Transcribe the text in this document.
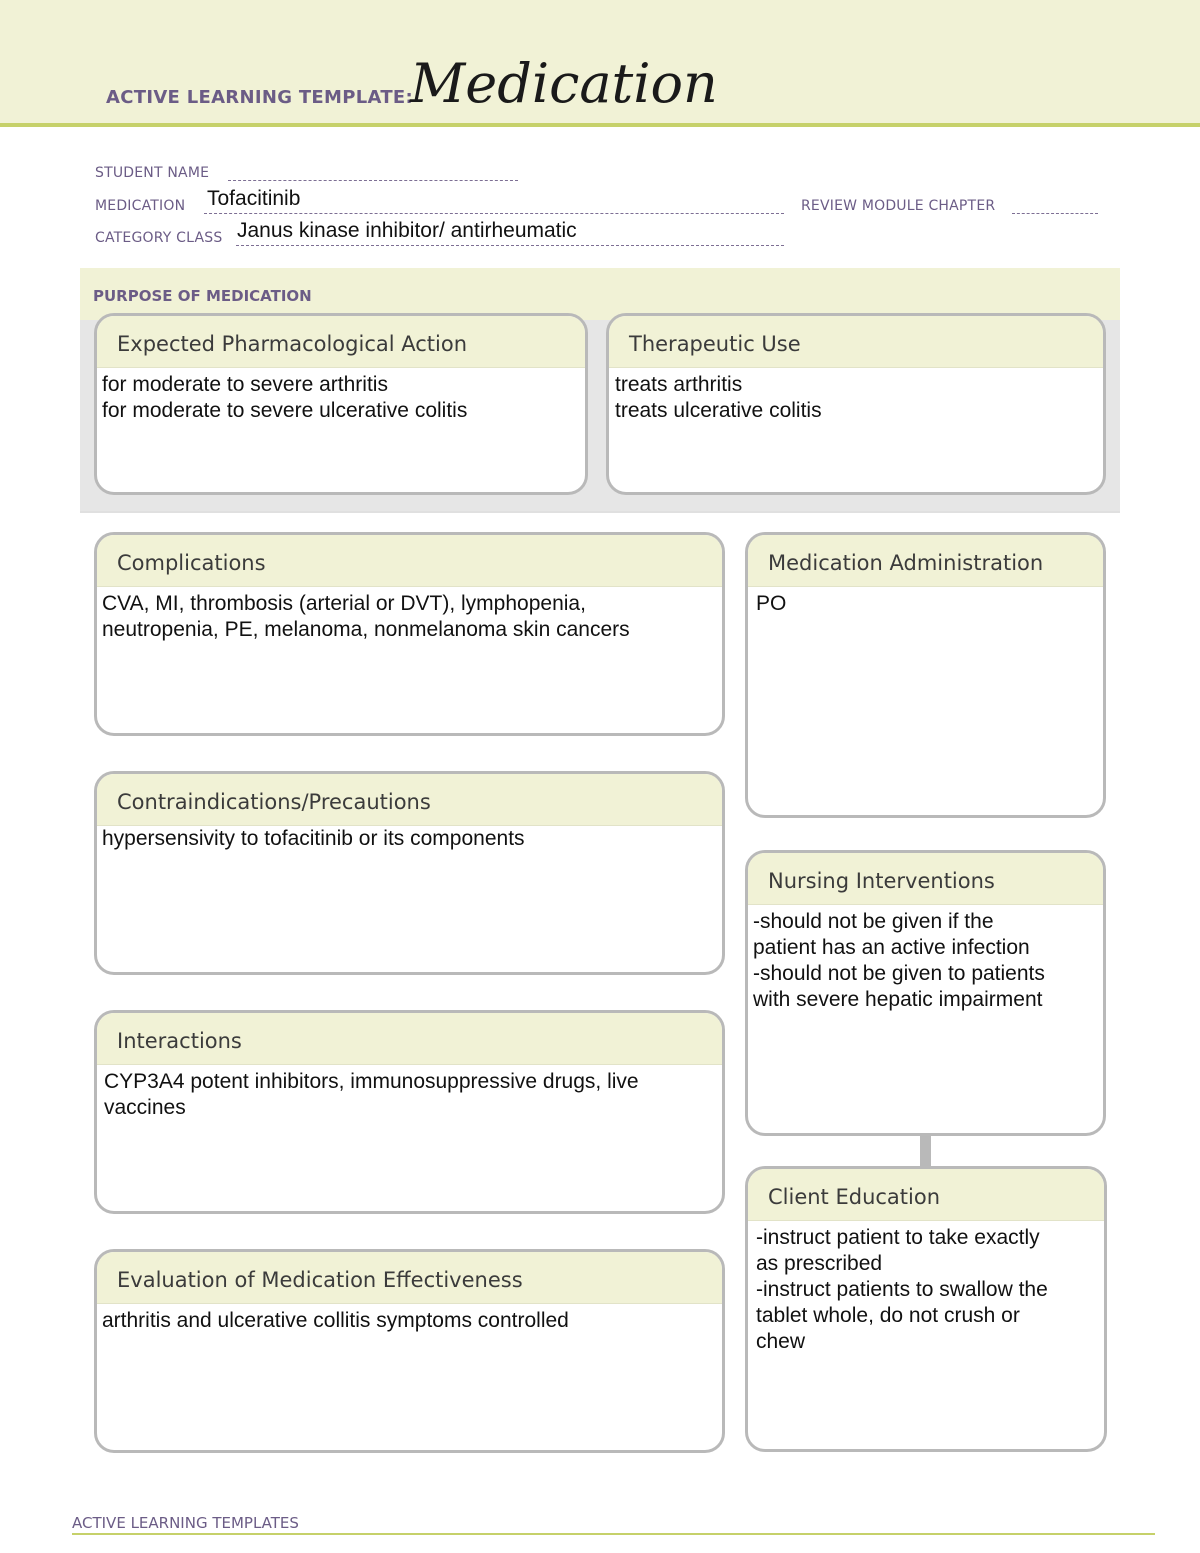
ACTIVE LEARNING TEMPLATE:
Medication
STUDENT NAME
MEDICATION Tofacitinib	REVIEW MODULE CHAPTER
CATEGORY CLASS Janus kinase inhibitor/ antirheumatic
PURPOSE OF MEDICATION
Expected Pharmacological Action
for moderate to severe arthritis
for moderate to severe ulcerative colitis
Therapeutic Use
treats arthritis
treats ulcerative colitis
Complications
CVA, MI, thrombosis (arterial or DVT), lymphopenia,
neutropenia, PE, melanoma, nonmelanoma skin cancers
Medication Administration
PO
Contraindications/Precautions
hypersensivity to tofacitinib or its components
Nursing Interventions
-should not be given if the
patient has an active infection
-should not be given to patients
with severe hepatic impairment
Interactions
CYP3A4 potent inhibitors, immunosuppressive drugs, live
vaccines
Client Education
-instruct patient to take exactly
as prescribed
-instruct patients to swallow the
tablet whole, do not crush or
chew
Evaluation of Medication Effectiveness
arthritis and ulcerative collitis symptoms controlled
ACTIVE LEARNING TEMPLATES
